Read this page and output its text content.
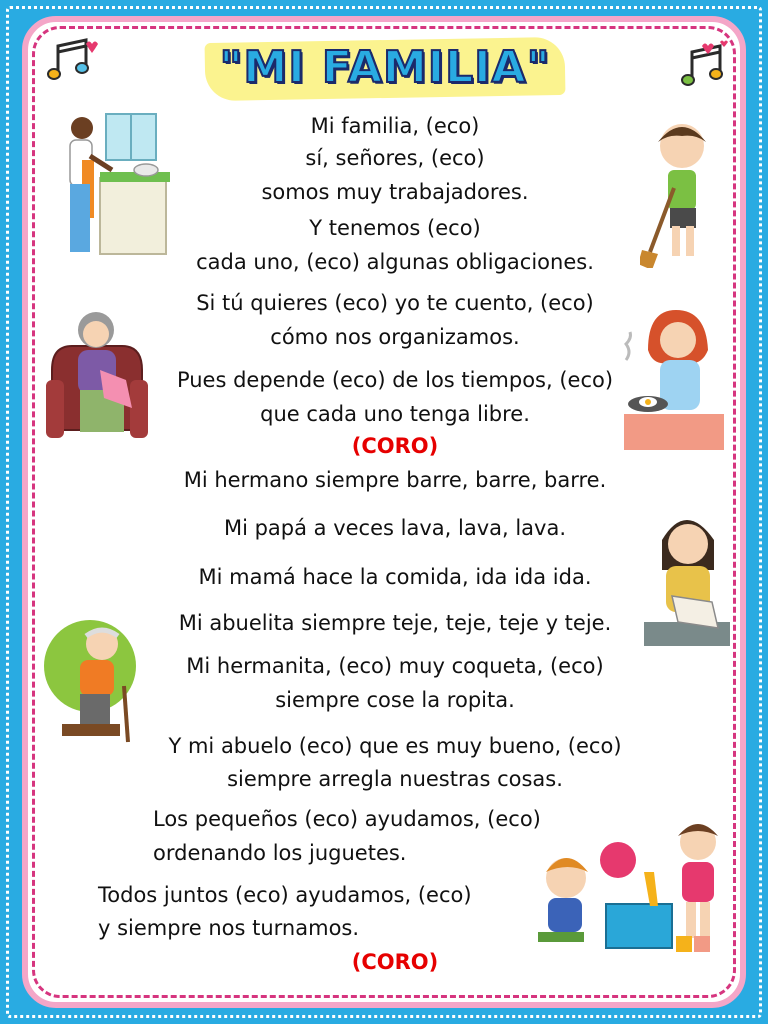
"MI FAMILIA"
Mi familia, (eco)
sí, señores, (eco)
somos muy trabajadores.
Y tenemos (eco)
cada uno, (eco) algunas obligaciones.
Si tú quieres (eco) yo te cuento, (eco)
cómo nos organizamos.
Pues depende (eco) de los tiempos, (eco)
que cada uno tenga libre.
(CORO)
Mi hermano siempre barre, barre, barre.
Mi papá a veces lava, lava, lava.
Mi mamá hace la comida, ida ida ida.
Mi abuelita siempre teje, teje, teje y teje.
Mi hermanita, (eco) muy coqueta, (eco)
siempre cose la ropita.
Y mi abuelo (eco) que es muy bueno, (eco)
siempre arregla nuestras cosas.
Los pequeños (eco) ayudamos, (eco)
ordenando los juguetes.
Todos juntos (eco) ayudamos, (eco)
y siempre nos turnamos.
(CORO)
